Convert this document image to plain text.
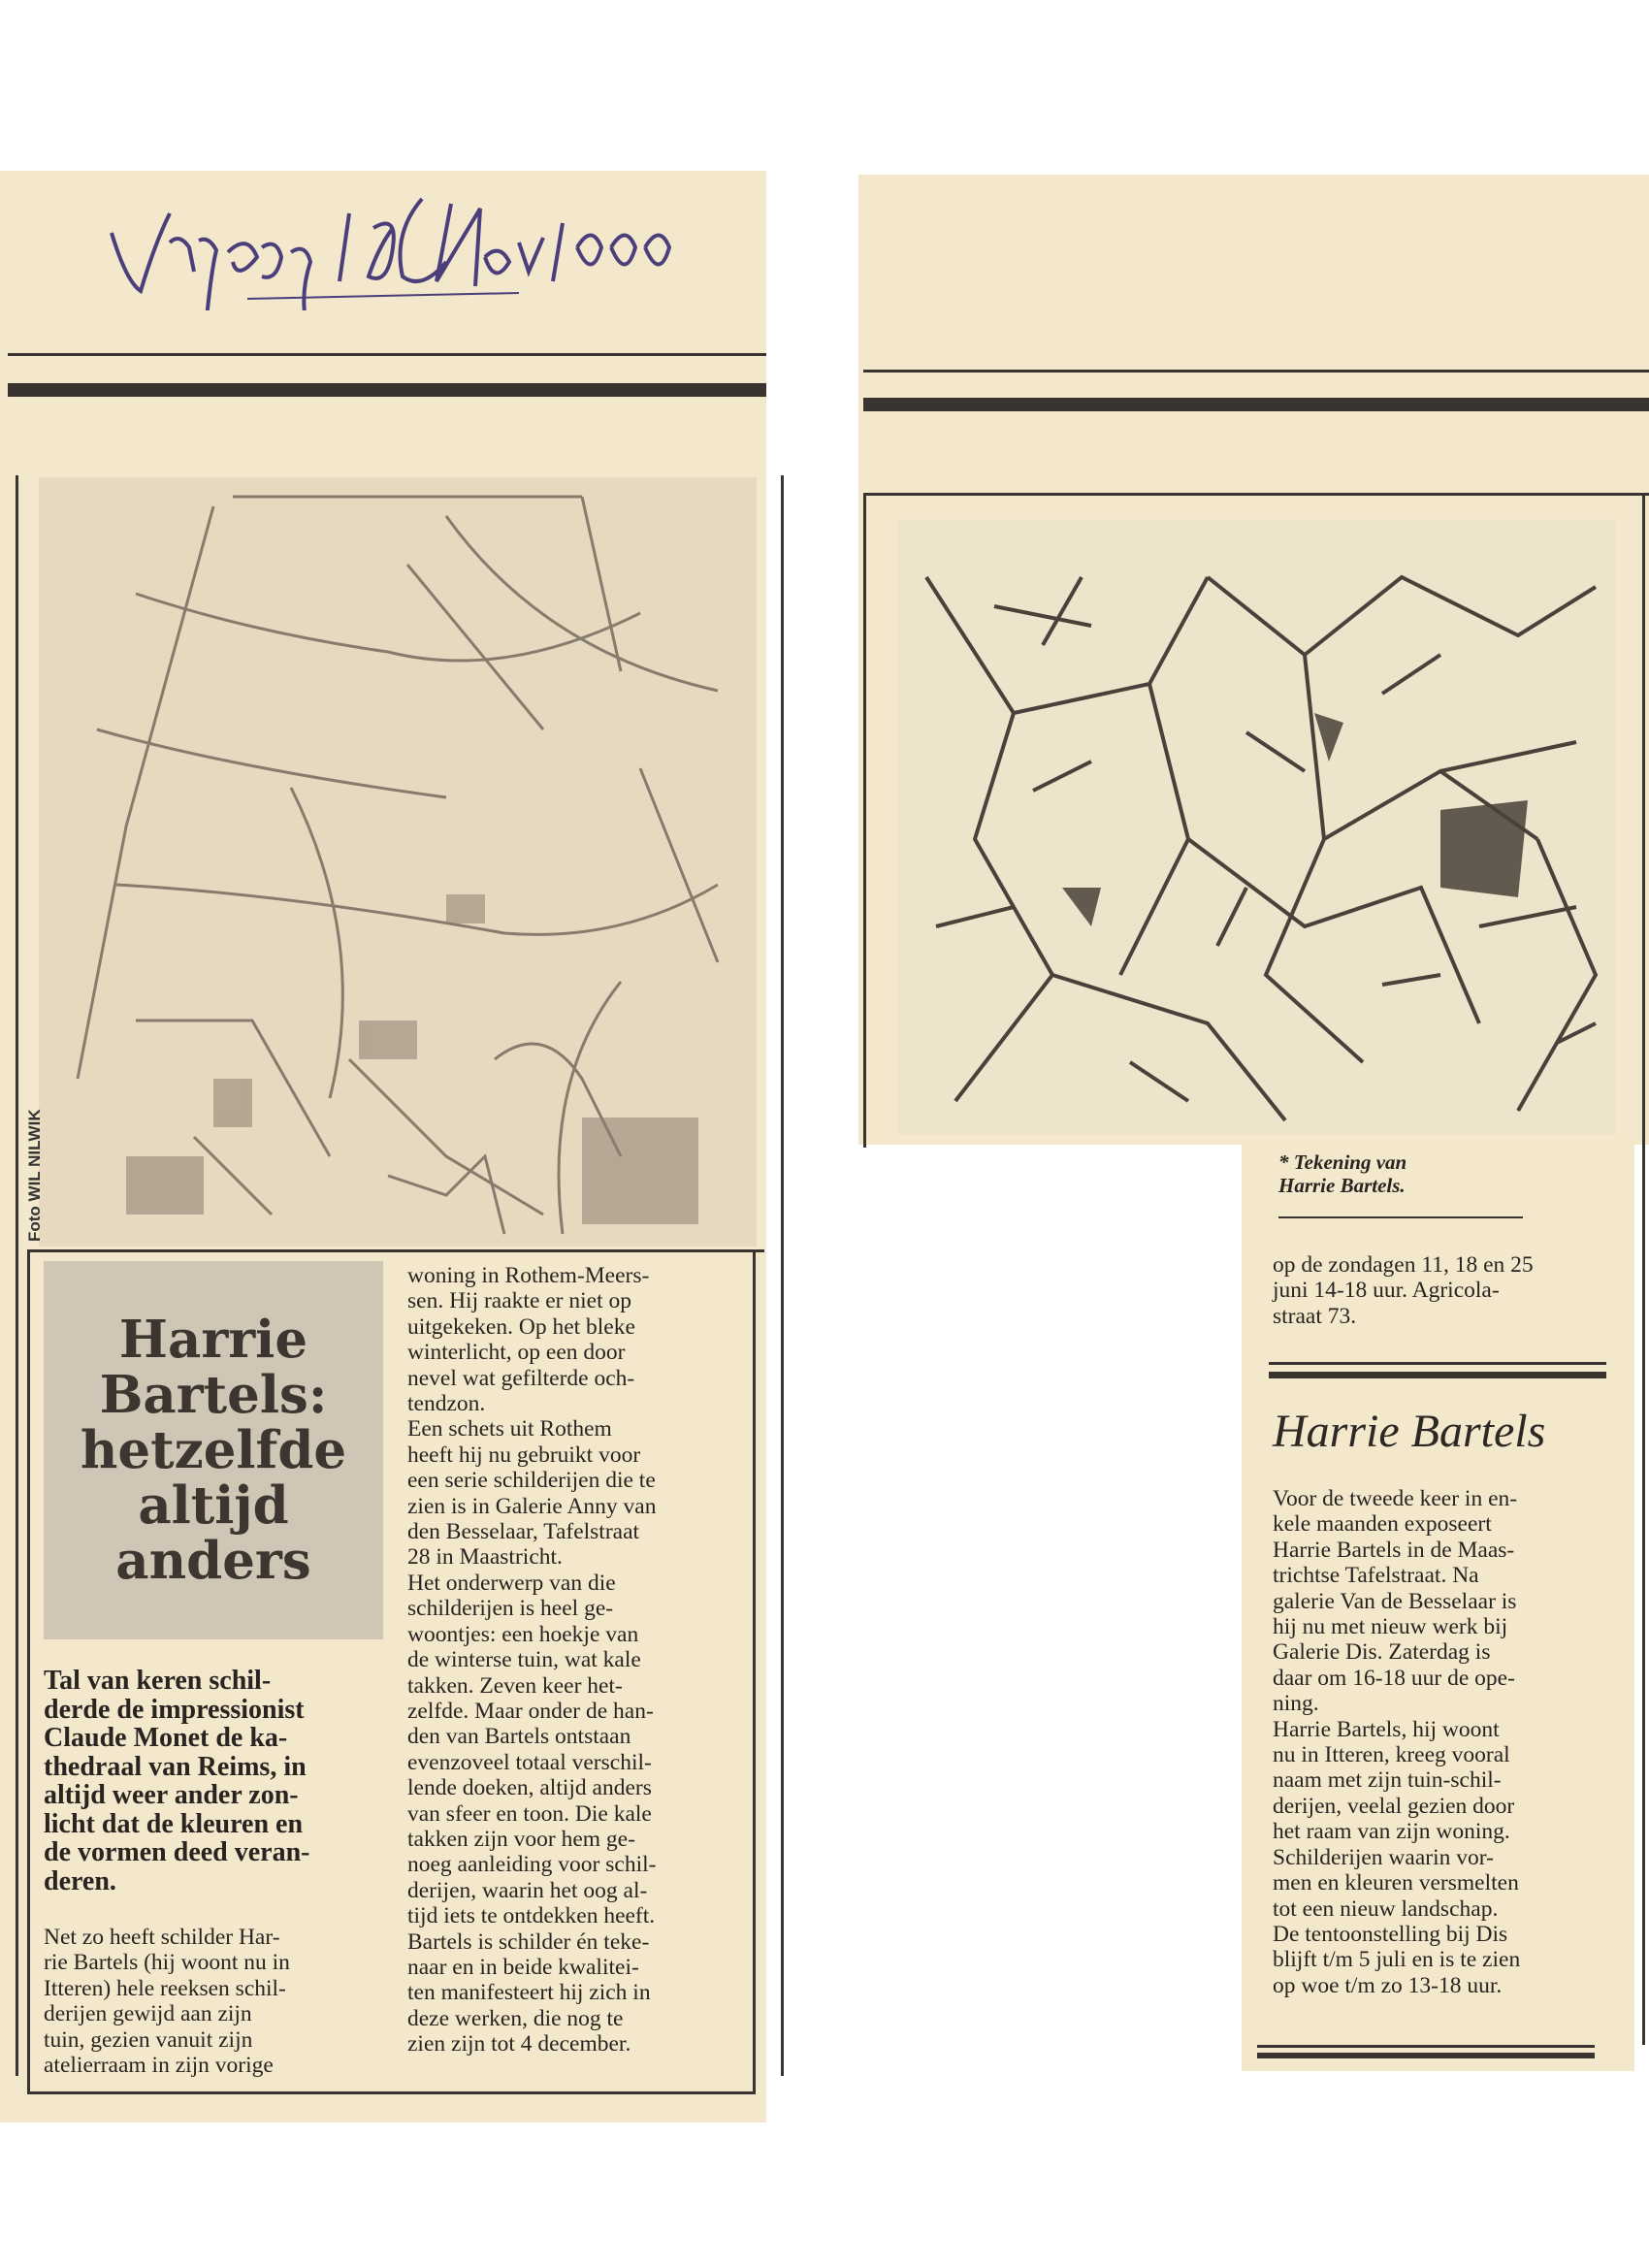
Foto WIL NILWIK
Harrie
Bartels:
hetzelfde
altijd
anders
Tal van keren schil-
derde de impressionist
Claude Monet de ka-
thedraal van Reims, in
altijd weer ander zon-
licht dat de kleuren en
de vormen deed veran-
deren.

Net zo heeft schilder Har-
rie Bartels (hij woont nu in
Itteren) hele reeksen schil-
derijen gewijd aan zijn
tuin, gezien vanuit zijn
atelierraam in zijn vorige

woning in Rothem-Meers-
sen. Hij raakte er niet op
uitgekeken. Op het bleke
winterlicht, op een door
nevel wat gefilterde och-
tendzon.
Een schets uit Rothem
heeft hij nu gebruikt voor
een serie schilderijen die te
zien is in Galerie Anny van
den Besselaar, Tafelstraat
28 in Maastricht.
Het onderwerp van die
schilderijen is heel ge-
woontjes: een hoekje van
de winterse tuin, wat kale
takken. Zeven keer het-
zelfde. Maar onder de han-
den van Bartels ontstaan
evenzoveel totaal verschil-
lende doeken, altijd anders
van sfeer en toon. Die kale
takken zijn voor hem ge-
noeg aanleiding voor schil-
derijen, waarin het oog al-
tijd iets te ontdekken heeft.
Bartels is schilder én teke-
naar en in beide kwalitei-
ten manifesteert hij zich in
deze werken, die nog te
zien zijn tot 4 december.

* Tekening van
Harrie Bartels.

op de zondagen 11, 18 en 25
juni 14-18 uur. Agricola-
straat 73.

Harrie Bartels

Voor de tweede keer in en-
kele maanden exposeert
Harrie Bartels in de Maas-
trichtse Tafelstraat. Na
galerie Van de Besselaar is
hij nu met nieuw werk bij
Galerie Dis. Zaterdag is
daar om 16-18 uur de ope-
ning.
Harrie Bartels, hij woont
nu in Itteren, kreeg vooral
naam met zijn tuin-schil-
derijen, veelal gezien door
het raam van zijn woning.
Schilderijen waarin vor-
men en kleuren versmelten
tot een nieuw landschap.
De tentoonstelling bij Dis
blijft t/m 5 juli en is te zien
op woe t/m zo 13-18 uur.
